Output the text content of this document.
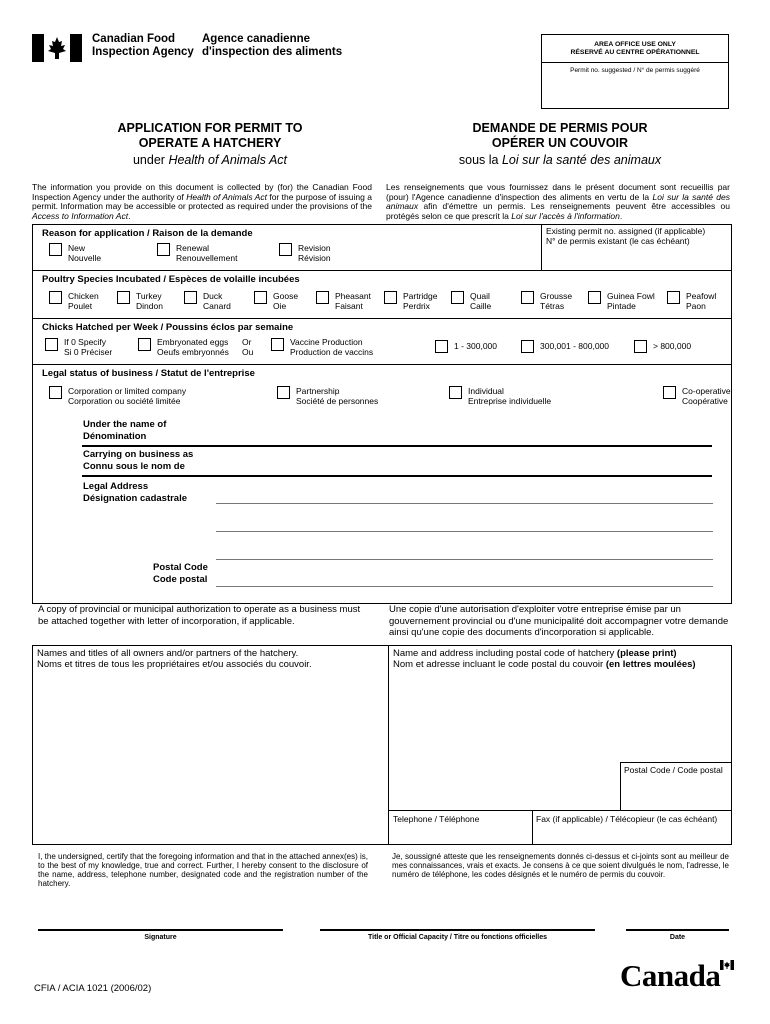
Canadian Food
Inspection Agency
Agence canadienne
d'inspection des aliments
AREA OFFICE USE ONLY
RÉSERVÉ AU CENTRE OPÉRATIONNEL
Permit no. suggested / N° de permis suggéré
APPLICATION FOR PERMIT TO
OPERATE A HATCHERY
under Health of Animals Act
DEMANDE DE PERMIS POUR
OPÉRER UN COUVOIR
sous la Loi sur la santé des animaux
The information you provide on this document is collected by (for) the Canadian Food Inspection Agency under the authority of Health of Animals Act for the purpose of issuing a permit. Information may be accessible or protected as required under the provisions of the Access to Information Act.
Les renseignements que vous fournissez dans le présent document sont recueillis par (pour) l'Agence canadienne d'inspection des aliments en vertu de la Loi sur la santé des animaux afin d'émettre un permis. Les renseignements peuvent être accessibles ou protégés selon ce que prescrit la Loi sur l'accès à l'information.
Reason for application / Raison de la demande
New
Nouvelle
Renewal
Renouvellement
Revision
Révision
Existing permit no. assigned (if applicable)
N° de permis existant (le cas échéant)
Poultry Species Incubated / Espèces de volaille incubées
Chicken
Poulet
Turkey
Dindon
Duck
Canard
Goose
Oie
Pheasant
Faisant
Partridge
Perdrix
Quail
Caille
Grousse
Tétras
Guinea Fowl
Pintade
Peafowl
Paon
Chicks Hatched per Week / Poussins éclos par semaine
If 0 Specify
Si 0 Préciser
Embryonated eggs
Oeufs embryonnés
Or
Ou
Vaccine Production
Production de vaccins
1 - 300,000	300,001 - 800,000	> 800,000
Legal status of business / Statut de l'entreprise
Corporation or limited company
Corporation ou société limitée
Partnership
Société de personnes
Individual
Entreprise individuelle
Co-operative
Coopérative
Under the name of
Dénomination
Carrying on business as
Connu sous le nom de
Legal Address
Désignation cadastrale
Postal Code
Code postal
A copy of provincial or municipal authorization to operate as a business must be attached together with letter of incorporation, if applicable.
Une copie d'une autorisation d'exploiter votre entreprise émise par un gouvernement provincial ou d'une municipalité doit accompagner votre demande ainsi qu'une copie des documents d'incorporation si applicable.
Names and titles of all owners and/or partners of the hatchery.
Noms et titres de tous les propriétaires et/ou associés du couvoir.
Name and address including postal code of hatchery (please print)
Nom et adresse incluant le code postal du couvoir (en lettres moulées)
Postal Code / Code postal
Telephone / Téléphone	Fax (if applicable) / Télécopieur (le cas échéant)
I, the undersigned, certify that the foregoing information and that in the attached annex(es) is, to the best of my knowledge, true and correct. Further, I hereby consent to the disclosure of the name, address, telephone number, designated code and the registration number of the hatchery.
Je, soussigné atteste que les renseignements donnés ci-dessus et ci-joints sont au meilleur de mes connaissances, vrais et exacts. Je consens à ce que soient divulgués le nom, l'adresse, le numéro de téléphone, les codes désignés et le numéro de permis du couvoir.
Signature	Title or Official Capacity / Titre ou fonctions officielles	Date
CFIA / ACIA 1021 (2006/02)	Canada
